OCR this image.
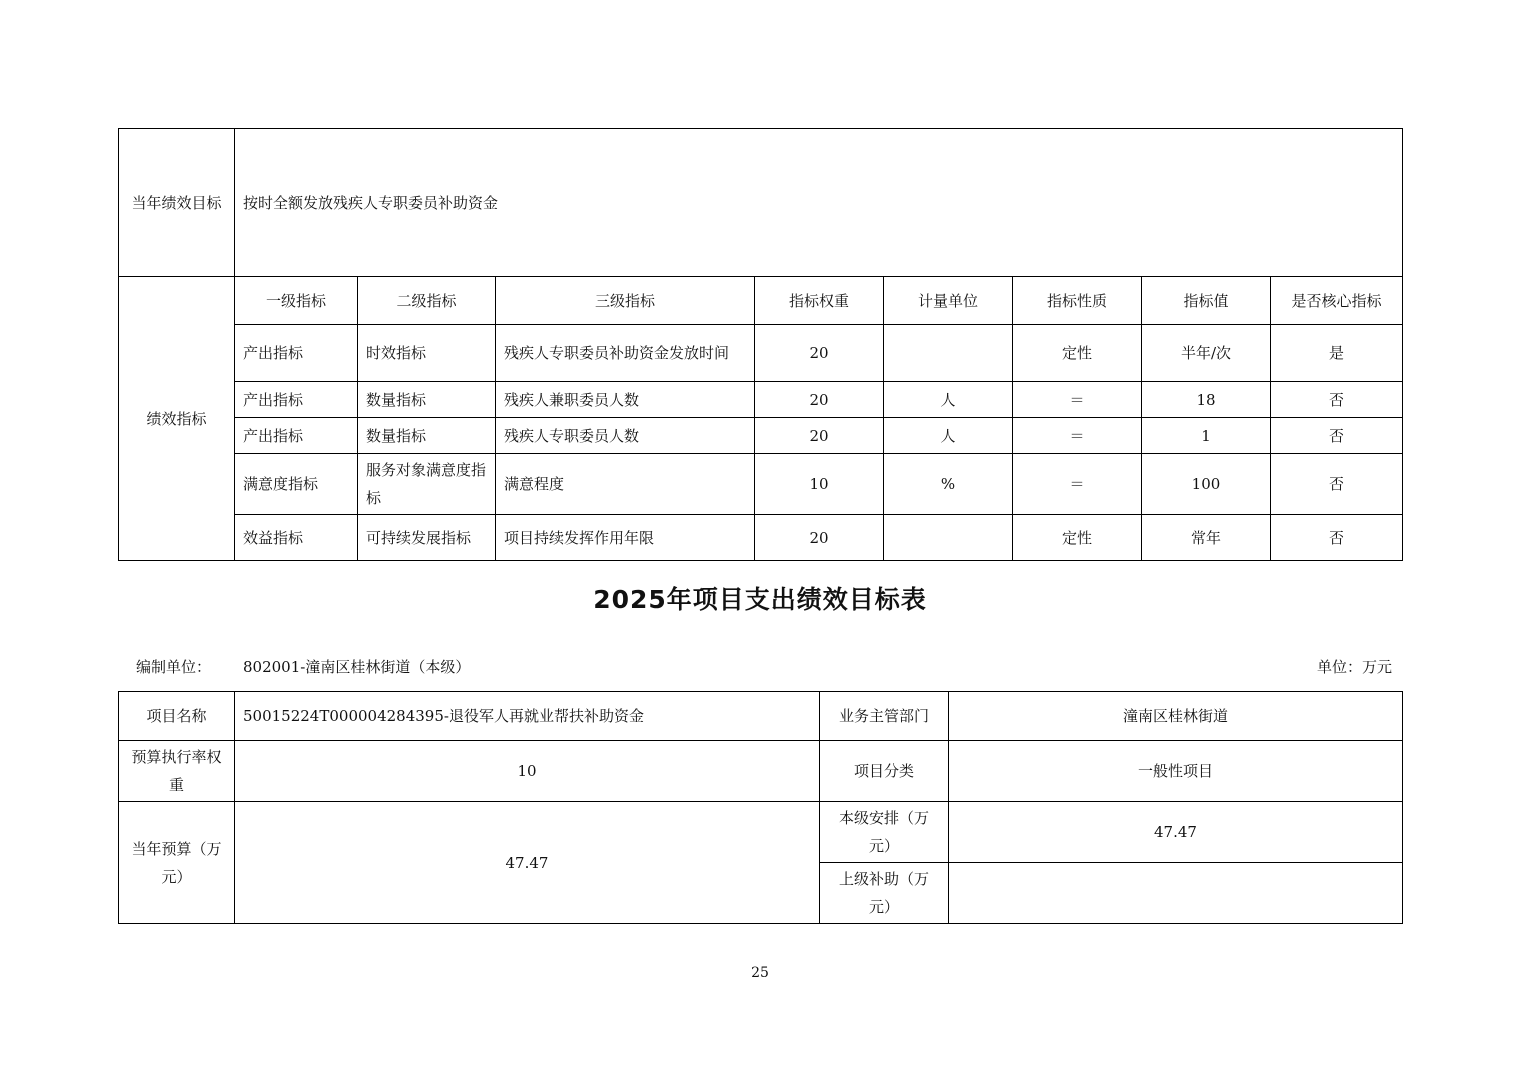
当年绩效目标	按时全额发放残疾人专职委员补助资金							
绩效指标	一级指标	二级指标	三级指标	指标权重	计量单位	指标性质	指标值	是否核心指标
	产出指标	时效指标	残疾人专职委员补助资金发放时间	20		定性	半年/次	是
	产出指标	数量指标	残疾人兼职委员人数	20	人	＝	18	否
	产出指标	数量指标	残疾人专职委员人数	20	人	＝	1	否
	满意度指标	服务对象满意度指标	满意程度	10	%	＝	100	否
	效益指标	可持续发展指标	项目持续发挥作用年限	20		定性	常年	否
2025年项目支出绩效目标表
编制单位： 802001-潼南区桂林街道（本级）	单位：万元
项目名称	50015224T000004284395-退役军人再就业帮扶补助资金	业务主管部门	潼南区桂林街道
预算执行率权重	10	项目分类	一般性项目
当年预算（万元）	47.47	本级安排（万元）	47.47
		上级补助（万元）	
25
